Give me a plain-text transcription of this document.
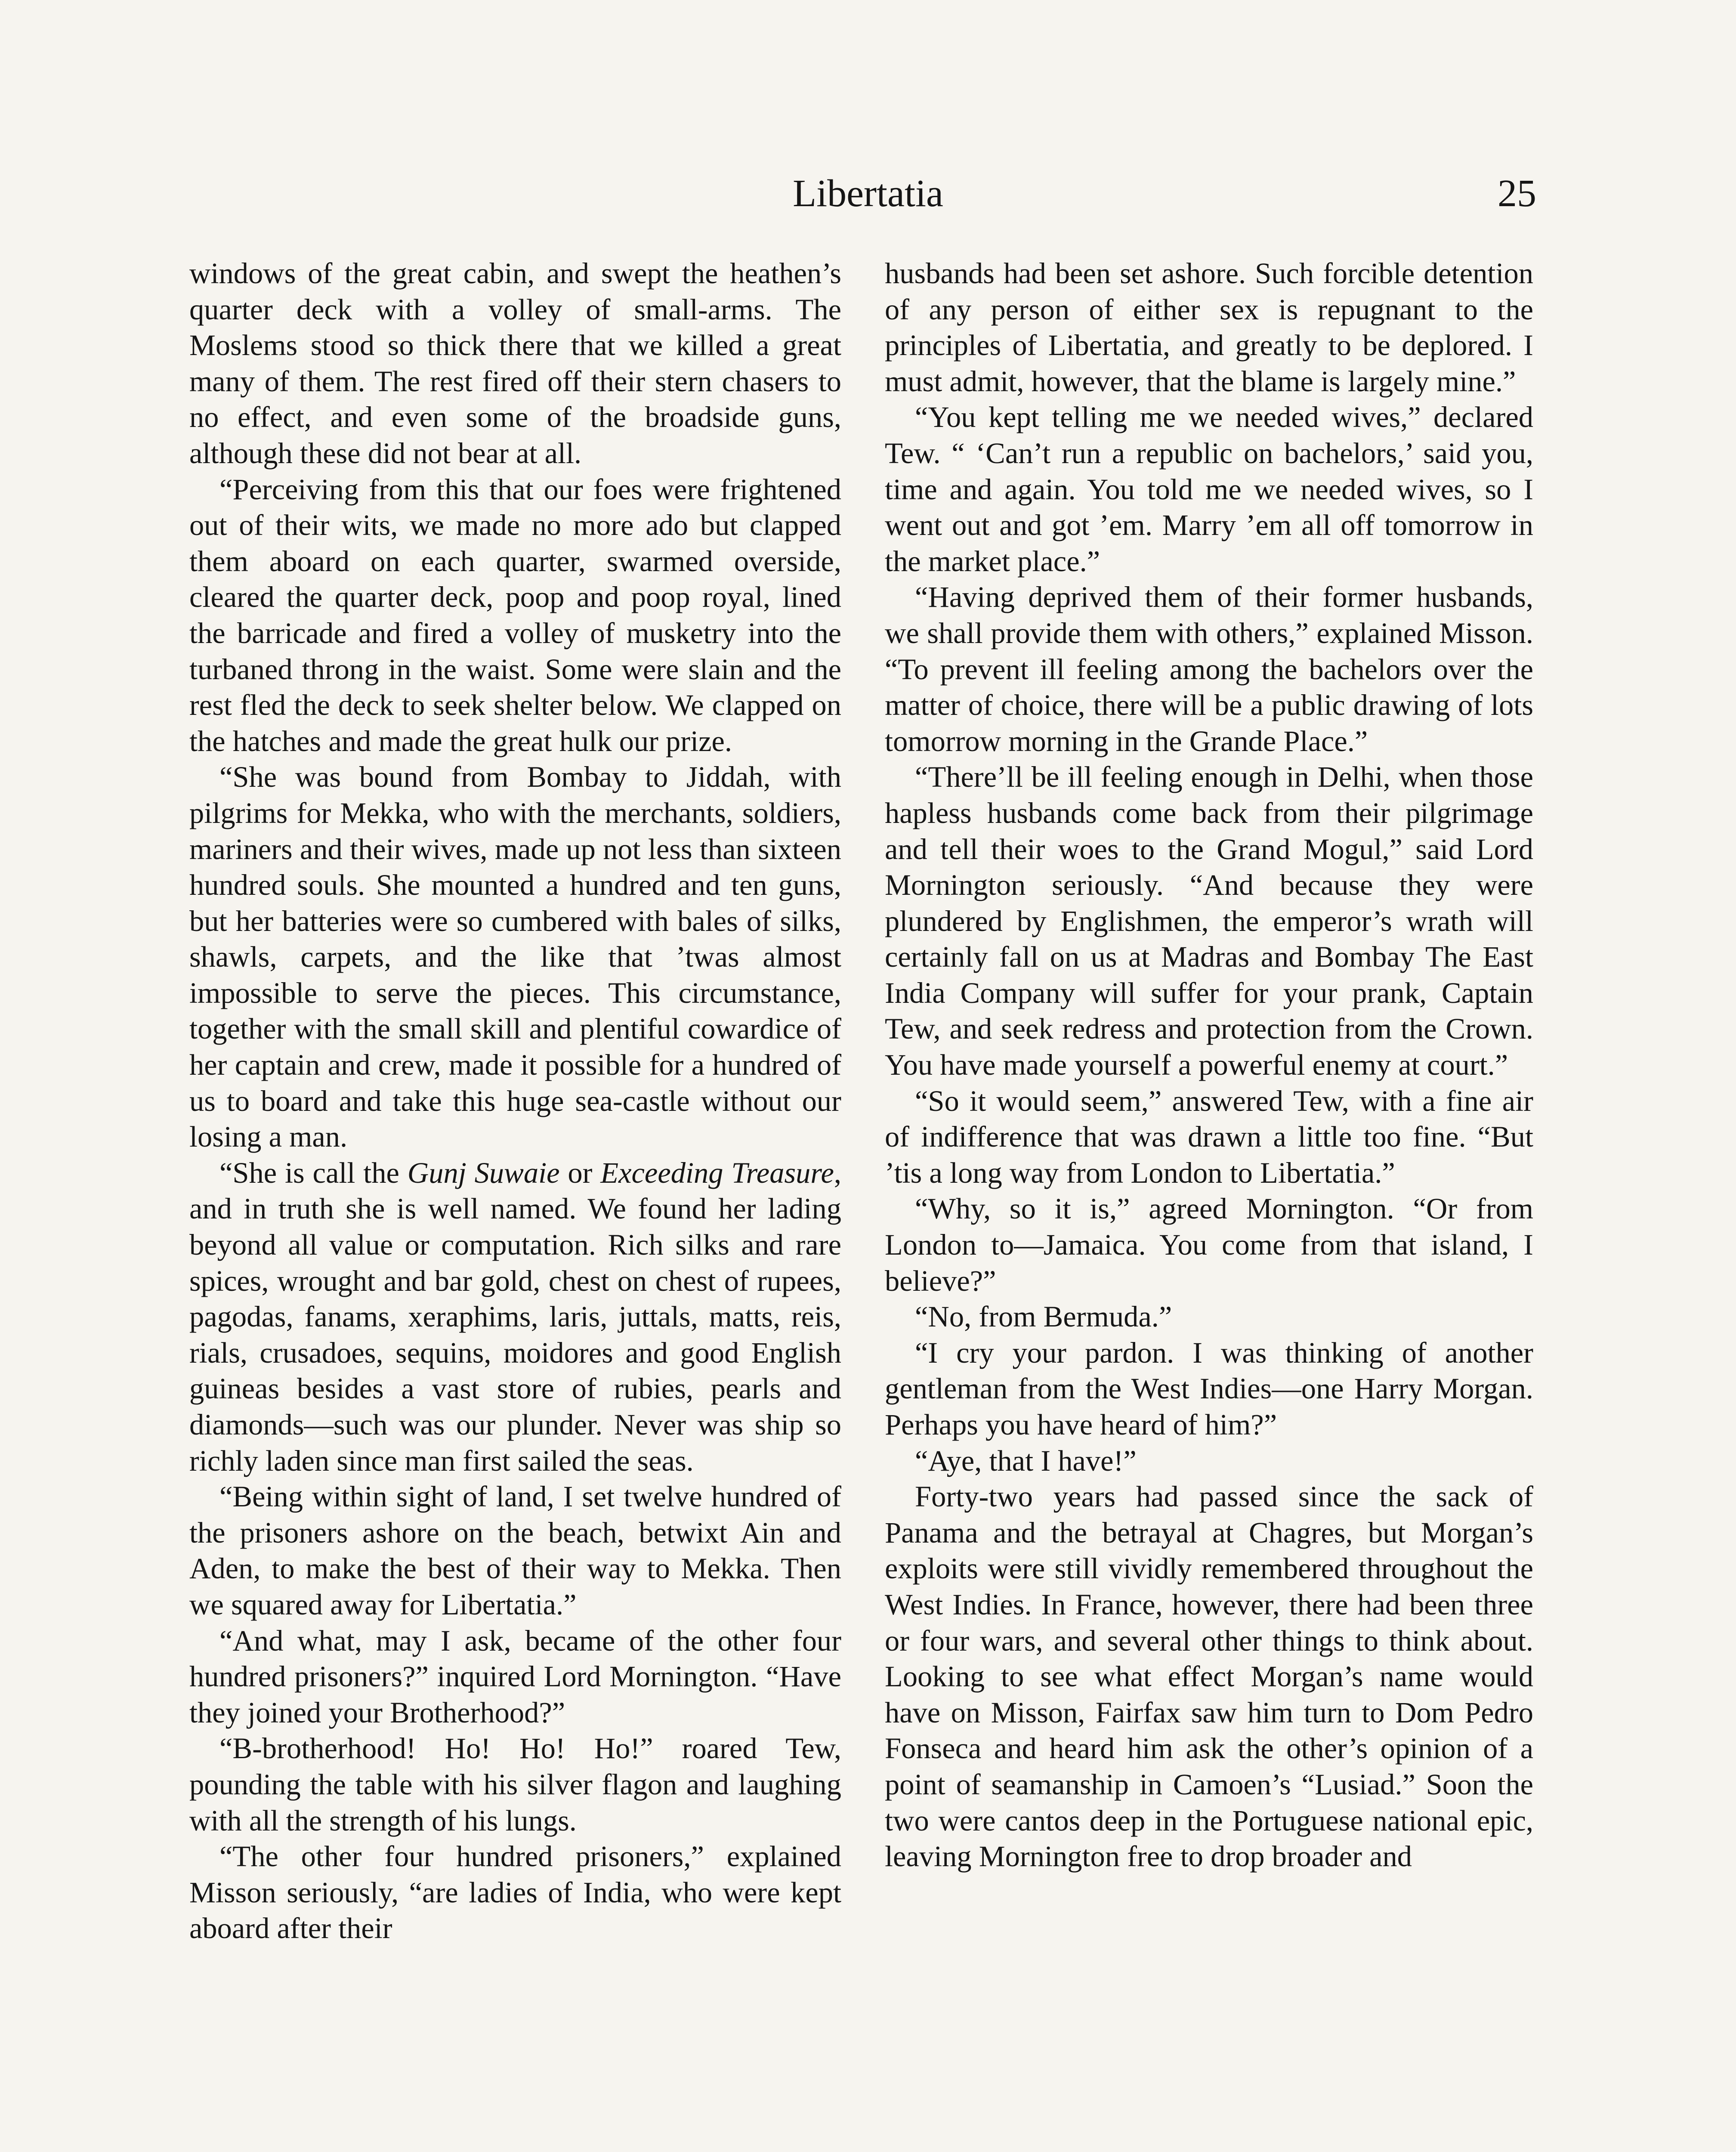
Libertatia	25

windows of the great cabin, and swept the heathen’s quarter deck with a volley of small-arms. The Moslems stood so thick there that we killed a great many of them. The rest fired off their stern chasers to no effect, and even some of the broadside guns, although these did not bear at all.

“Perceiving from this that our foes were frightened out of their wits, we made no more ado but clapped them aboard on each quarter, swarmed overside, cleared the quarter deck, poop and poop royal, lined the barricade and fired a volley of musketry into the turbaned throng in the waist. Some were slain and the rest fled the deck to seek shelter below. We clapped on the hatches and made the great hulk our prize.

“She was bound from Bombay to Jiddah, with pilgrims for Mekka, who with the merchants, soldiers, mariners and their wives, made up not less than sixteen hundred souls. She mounted a hundred and ten guns, but her batteries were so cumbered with bales of silks, shawls, carpets, and the like that ’twas almost impossible to serve the pieces. This circumstance, together with the small skill and plentiful cowardice of her captain and crew, made it possible for a hundred of us to board and take this huge sea-castle without our losing a man.

“She is call the Gunj Suwaie or Exceeding Treasure, and in truth she is well named. We found her lading beyond all value or computation. Rich silks and rare spices, wrought and bar gold, chest on chest of rupees, pagodas, fanams, xeraphims, laris, juttals, matts, reis, rials, crusadoes, sequins, moidores and good English guineas besides a vast store of rubies, pearls and diamonds—such was our plunder. Never was ship so richly laden since man first sailed the seas.

“Being within sight of land, I set twelve hundred of the prisoners ashore on the beach, betwixt Ain and Aden, to make the best of their way to Mekka. Then we squared away for Libertatia.”

“And what, may I ask, became of the other four hundred prisoners?” inquired Lord Mornington. “Have they joined your Brotherhood?”

“B-brotherhood! Ho! Ho! Ho!” roared Tew, pounding the table with his silver flagon and laughing with all the strength of his lungs.

“The other four hundred prisoners,” explained Misson seriously, “are ladies of India, who were kept aboard after their

husbands had been set ashore. Such forcible detention of any person of either sex is repugnant to the principles of Libertatia, and greatly to be deplored. I must admit, however, that the blame is largely mine.”

“You kept telling me we needed wives,” declared Tew. “ ‘Can’t run a republic on bachelors,’ said you, time and again. You told me we needed wives, so I went out and got ’em. Marry ’em all off tomorrow in the market place.”

“Having deprived them of their former husbands, we shall provide them with others,” explained Misson. “To prevent ill feeling among the bachelors over the matter of choice, there will be a public drawing of lots tomorrow morning in the Grande Place.”

“There’ll be ill feeling enough in Delhi, when those hapless husbands come back from their pilgrimage and tell their woes to the Grand Mogul,” said Lord Mornington seriously. “And because they were plundered by Englishmen, the emperor’s wrath will certainly fall on us at Madras and Bombay The East India Company will suffer for your prank, Captain Tew, and seek redress and protection from the Crown. You have made yourself a powerful enemy at court.”

“So it would seem,” answered Tew, with a fine air of indifference that was drawn a little too fine. “But ’tis a long way from London to Libertatia.”

“Why, so it is,” agreed Mornington. “Or from London to—Jamaica. You come from that island, I believe?”

“No, from Bermuda.”

“I cry your pardon. I was thinking of another gentleman from the West Indies—one Harry Morgan. Perhaps you have heard of him?”

“Aye, that I have!”

Forty-two years had passed since the sack of Panama and the betrayal at Chagres, but Morgan’s exploits were still vividly remembered throughout the West Indies. In France, however, there had been three or four wars, and several other things to think about. Looking to see what effect Morgan’s name would have on Misson, Fairfax saw him turn to Dom Pedro Fonseca and heard him ask the other’s opinion of a point of seamanship in Camoen’s “Lusiad.” Soon the two were cantos deep in the Portuguese national epic, leaving Mornington free to drop broader and
